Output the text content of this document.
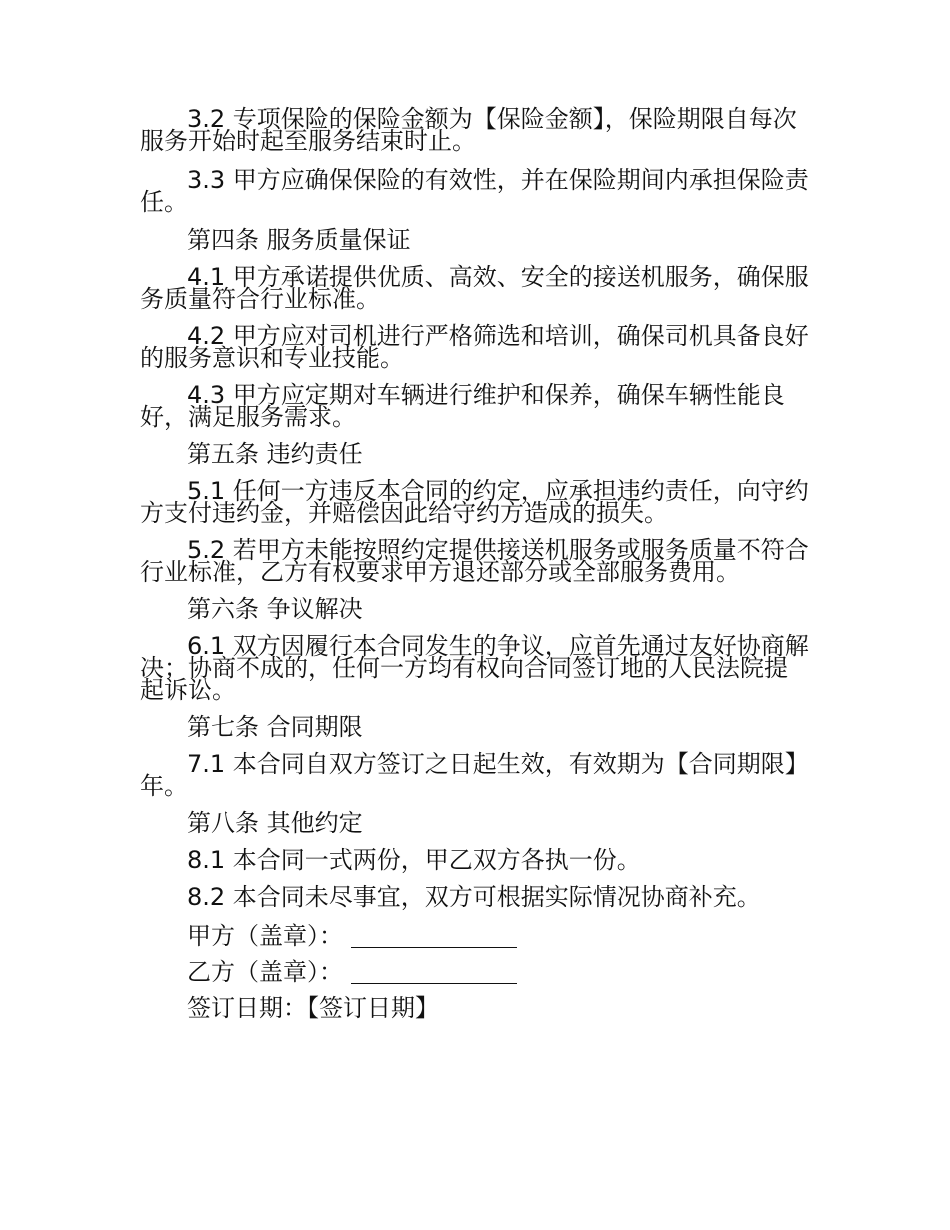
3.2 专项保险的保险金额为【保险金额】，保险期限自每次服务开始时起至服务结束时止。

3.3 甲方应确保保险的有效性，并在保险期间内承担保险责任。

第四条 服务质量保证

4.1 甲方承诺提供优质、高效、安全的接送机服务，确保服务质量符合行业标准。

4.2 甲方应对司机进行严格筛选和培训，确保司机具备良好的服务意识和专业技能。

4.3 甲方应定期对车辆进行维护和保养，确保车辆性能良好，满足服务需求。

第五条 违约责任

5.1 任何一方违反本合同的约定，应承担违约责任，向守约方支付违约金，并赔偿因此给守约方造成的损失。

5.2 若甲方未能按照约定提供接送机服务或服务质量不符合行业标准，乙方有权要求甲方退还部分或全部服务费用。

第六条 争议解决

6.1 双方因履行本合同发生的争议，应首先通过友好协商解决；协商不成的，任何一方均有权向合同签订地的人民法院提起诉讼。

第七条 合同期限

7.1 本合同自双方签订之日起生效，有效期为【合同期限】年。

第八条 其他约定

8.1 本合同一式两份，甲乙双方各执一份。

8.2 本合同未尽事宜，双方可根据实际情况协商补充。

甲方（盖章）：

乙方（盖章）：

签订日期：【签订日期】
